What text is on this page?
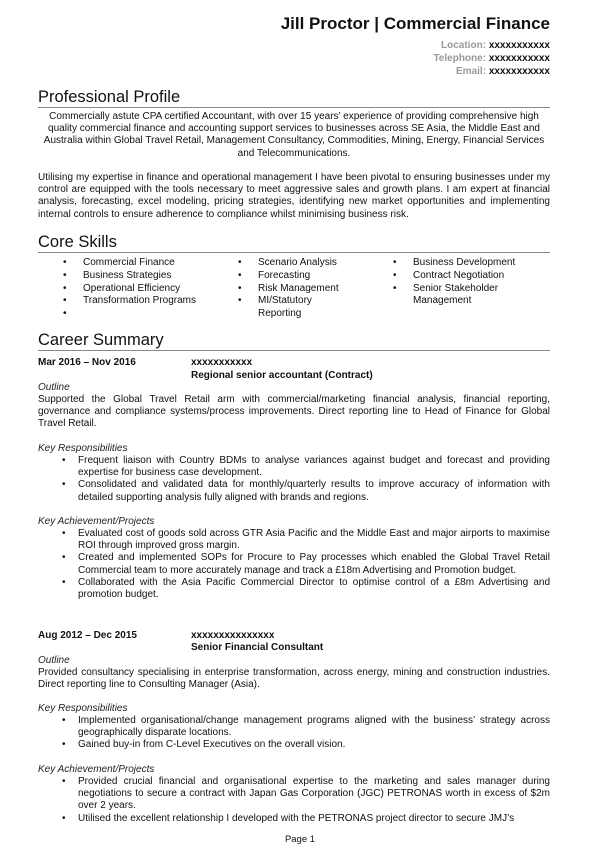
Jill Proctor | Commercial Finance
Location: xxxxxxxxxxx
Telephone: xxxxxxxxxxx
Email: xxxxxxxxxxx
Professional Profile
Commercially astute CPA certified Accountant, with over 15 years’ experience of providing comprehensive high quality commercial finance and accounting support services to businesses across SE Asia, the Middle East and Australia within Global Travel Retail, Management Consultancy, Commodities, Mining, Energy, Financial Services and Telecommunications.
Utilising my expertise in finance and operational management I have been pivotal to ensuring businesses under my control are equipped with the tools necessary to meet aggressive sales and growth plans. I am expert at financial analysis, forecasting, excel modeling, pricing strategies, identifying new market opportunities and implementing internal controls to ensure adherence to compliance whilst minimising business risk.
Core Skills
• Commercial Finance
• Business Strategies
• Operational Efficiency
• Transformation Programs
•
• Scenario Analysis
• Forecasting
• Risk Management
• MI/Statutory Reporting
• Business Development
• Contract Negotiation
• Senior Stakeholder Management
Career Summary
Mar 2016 – Nov 2016	xxxxxxxxxxx
Regional senior accountant (Contract)
Outline
Supported the Global Travel Retail arm with commercial/marketing financial analysis, financial reporting, governance and compliance systems/process improvements. Direct reporting line to Head of Finance for Global Travel Retail.
Key Responsibilities
• Frequent liaison with Country BDMs to analyse variances against budget and forecast and providing expertise for business case development.
• Consolidated and validated data for monthly/quarterly results to improve accuracy of information with detailed supporting analysis fully aligned with brands and regions.
Key Achievement/Projects
• Evaluated cost of goods sold across GTR Asia Pacific and the Middle East and major airports to maximise ROI through improved gross margin.
• Created and implemented SOPs for Procure to Pay processes which enabled the Global Travel Retail Commercial team to more accurately manage and track a £18m Advertising and Promotion budget.
• Collaborated with the Asia Pacific Commercial Director to optimise control of a £8m Advertising and promotion budget.
Aug 2012 – Dec 2015	xxxxxxxxxxxxxxx
Senior Financial Consultant
Outline
Provided consultancy specialising in enterprise transformation, across energy, mining and construction industries. Direct reporting line to Consulting Manager (Asia).
Key Responsibilities
• Implemented organisational/change management programs aligned with the business’ strategy across geographically disparate locations.
• Gained buy-in from C-Level Executives on the overall vision.
Key Achievement/Projects
• Provided crucial financial and organisational expertise to the marketing and sales manager during negotiations to secure a contract with Japan Gas Corporation (JGC) PETRONAS worth in excess of $2m over 2 years.
• Utilised the excellent relationship I developed with the PETRONAS project director to secure JMJ’s
Page 1
